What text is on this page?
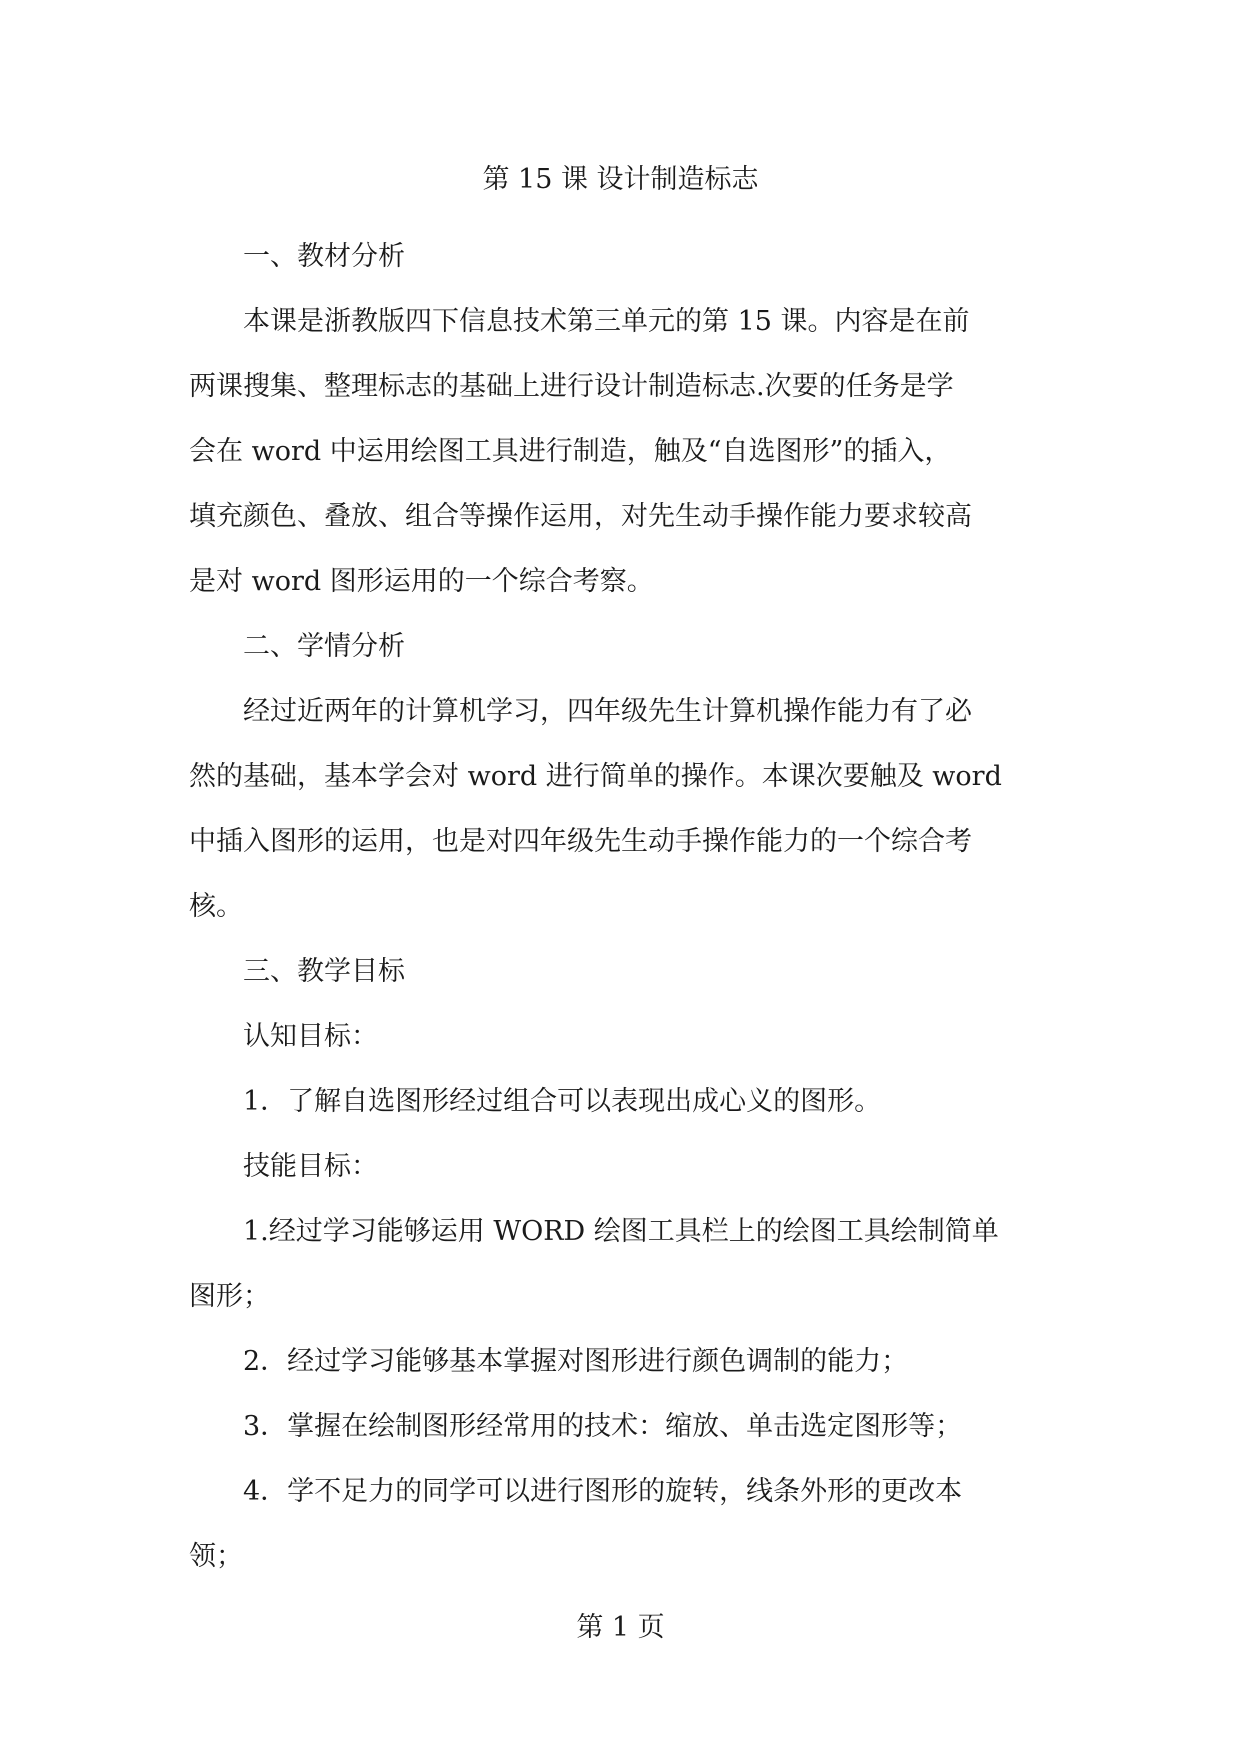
第 15 课 设计制造标志

一、教材分析

本课是浙教版四下信息技术第三单元的第 15 课。内容是在前
两课搜集、整理标志的基础上进行设计制造标志.次要的任务是学
会在 word 中运用绘图工具进行制造，触及“自选图形”的插入，
填充颜色、叠放、组合等操作运用，对先生动手操作能力要求较高
是对 word 图形运用的一个综合考察。

二、学情分析

经过近两年的计算机学习，四年级先生计算机操作能力有了必
然的基础，基本学会对 word 进行简单的操作。本课次要触及 word
中插入图形的运用，也是对四年级先生动手操作能力的一个综合考
核。

三、教学目标

认知目标：

1．了解自选图形经过组合可以表现出成心义的图形。

技能目标：

1.经过学习能够运用 WORD 绘图工具栏上的绘图工具绘制简单
图形；

2．经过学习能够基本掌握对图形进行颜色调制的能力；

3．掌握在绘制图形经常用的技术：缩放、单击选定图形等；

4．学不足力的同学可以进行图形的旋转，线条外形的更改本
领；

第 1 页
